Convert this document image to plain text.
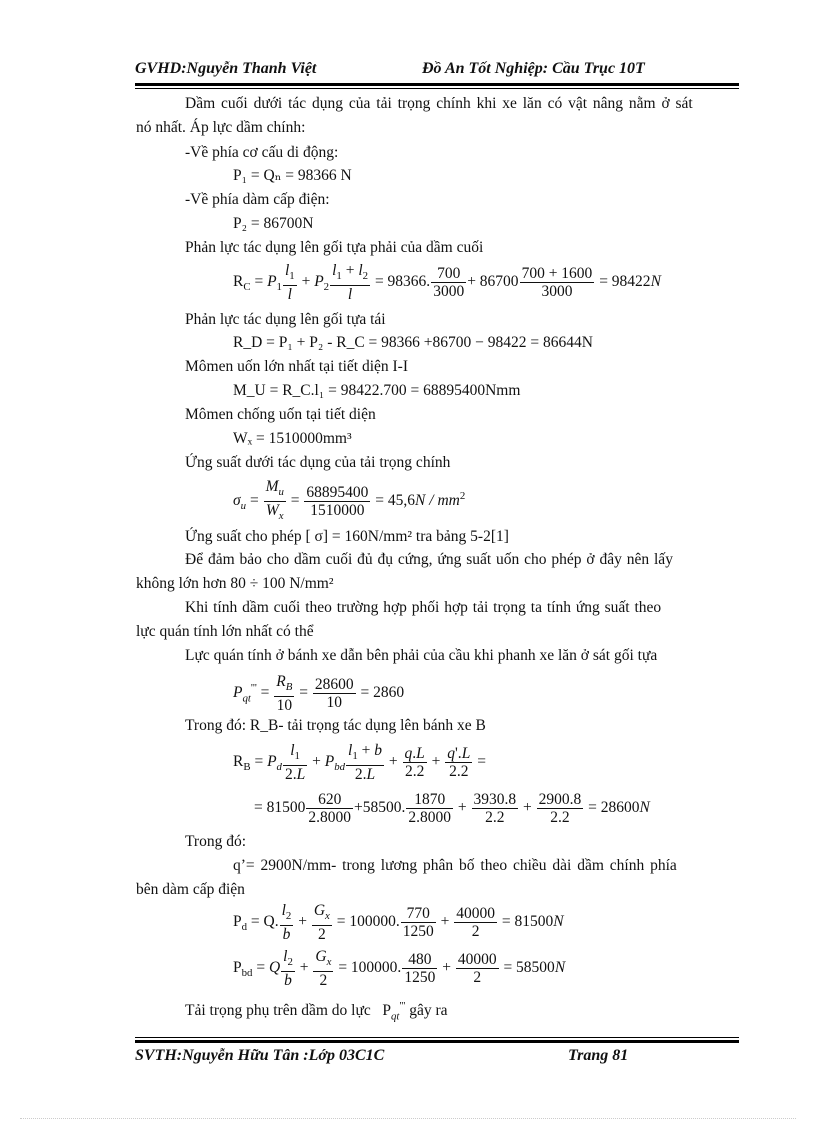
GVHD:Nguyễn Thanh Việt	Đồ An Tốt Nghiệp: Cầu Trục 10T
Dầm cuối dưới tác dụng của tải trọng chính khi xe lăn có vật nâng nằm ở sát
nó nhất. Áp lực dầm chính:
-Về phía cơ cấu di động:
P₁ = Qₙ = 98366 N
-Về phía dàm cấp điện:
P₂ = 86700N
Phản lực tác dụng lên gối tựa phải của dầm cuối
$R_C = P_1 \frac{l_1}{l} + P_2 \frac{l_1 + l_2}{l} = 98366$. $\frac{700}{3000} + 86700 \frac{700 + 1600}{3000} = 98422N$
Phản lực tác dụng lên gối tựa tái
R_D = P₁ + P₂ - R_C = 98366 +86700 − 98422 = 86644N
Mômen uốn lớn nhất tại tiết diện I-I
M_U = R_C.l₁ = 98422.700 = 68895400Nmm
Mômen chống uốn tại tiết diện
Wₓ = 1510000mm³
Ứng suất dưới tác dụng của tải trọng chính
$\sigma_u = \frac{M_u}{W_x} = \frac{68895400}{1510000} = 45,6N / mm^2$
Ứng suất cho phép [ σ] = 160N/mm² tra bảng 5-2[1]
Để đảm bảo cho dầm cuối đủ đụ cứng, ứng suất uốn cho phép ở đây nên lấy
không lớn hơn 80 ÷ 100 N/mm²
Khi tính dầm cuối theo trường hợp phối hợp tải trọng ta tính ứng suất theo
lực quán tính lớn nhất có thể
Lực quán tính ở bánh xe dẫn bên phải của cầu khi phanh xe lăn ở sát gối tựa
$P_{qt}''' = \frac{R_B}{10} = \frac{28600}{10} = 2860$
Trong đó: R_B- tải trọng tác dụng lên bánh xe B
$R_B = P_d \frac{l_1}{2.L} + P_{bd} \frac{l_1 + b}{2.L} + \frac{q.L}{2.2} + \frac{q'.L}{2.2}$ =
= $81500 \frac{620}{2.8000} +58500$. $\frac{1870}{2.8000} + \frac{3930.8}{2.2} + \frac{2900.8}{2.2} = 28600N$
Trong đó:
q’= 2900N/mm- trong lương phân bố theo chiều dài dầm chính phía
bên dàm cấp điện
$P_d = Q$. $\frac{l_2}{b} + \frac{G_x}{2} = 100000$. $\frac{770}{1250} + \frac{40000}{2} = 81500N$
$P_{bd} = Q \frac{l_2}{b} + \frac{G_x}{2} = 100000$. $\frac{480}{1250} + \frac{40000}{2} = 58500N$
Tải trọng phụ trên dầm do lực   $P_{qt}'''$ gây ra
SVTH:Nguyễn Hữu Tân :Lớp 03C1C	Trang 81
